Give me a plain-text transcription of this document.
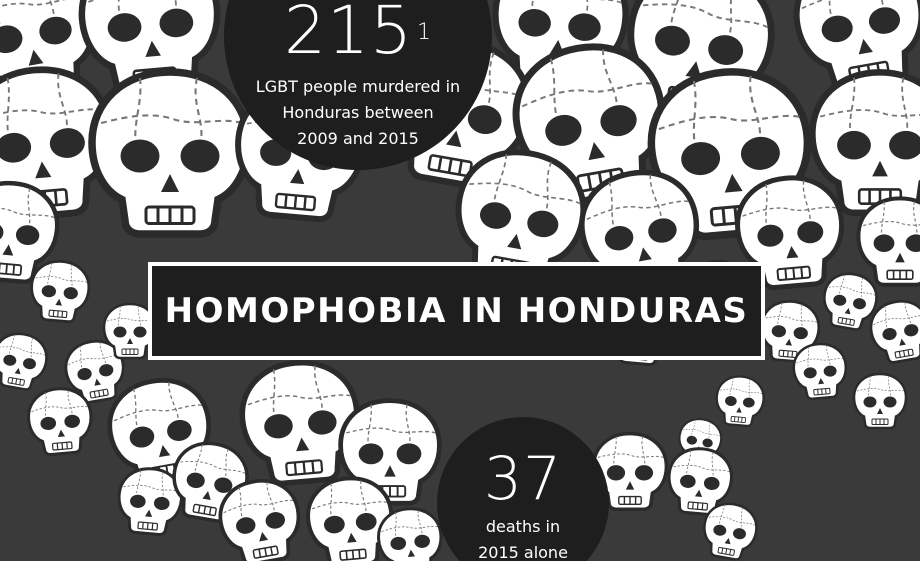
215 $^1$
LGBT people murdered in
Honduras between
2009 and 2015
HOMOPHOBIA IN HONDURAS
37
deaths in
2015 alone
